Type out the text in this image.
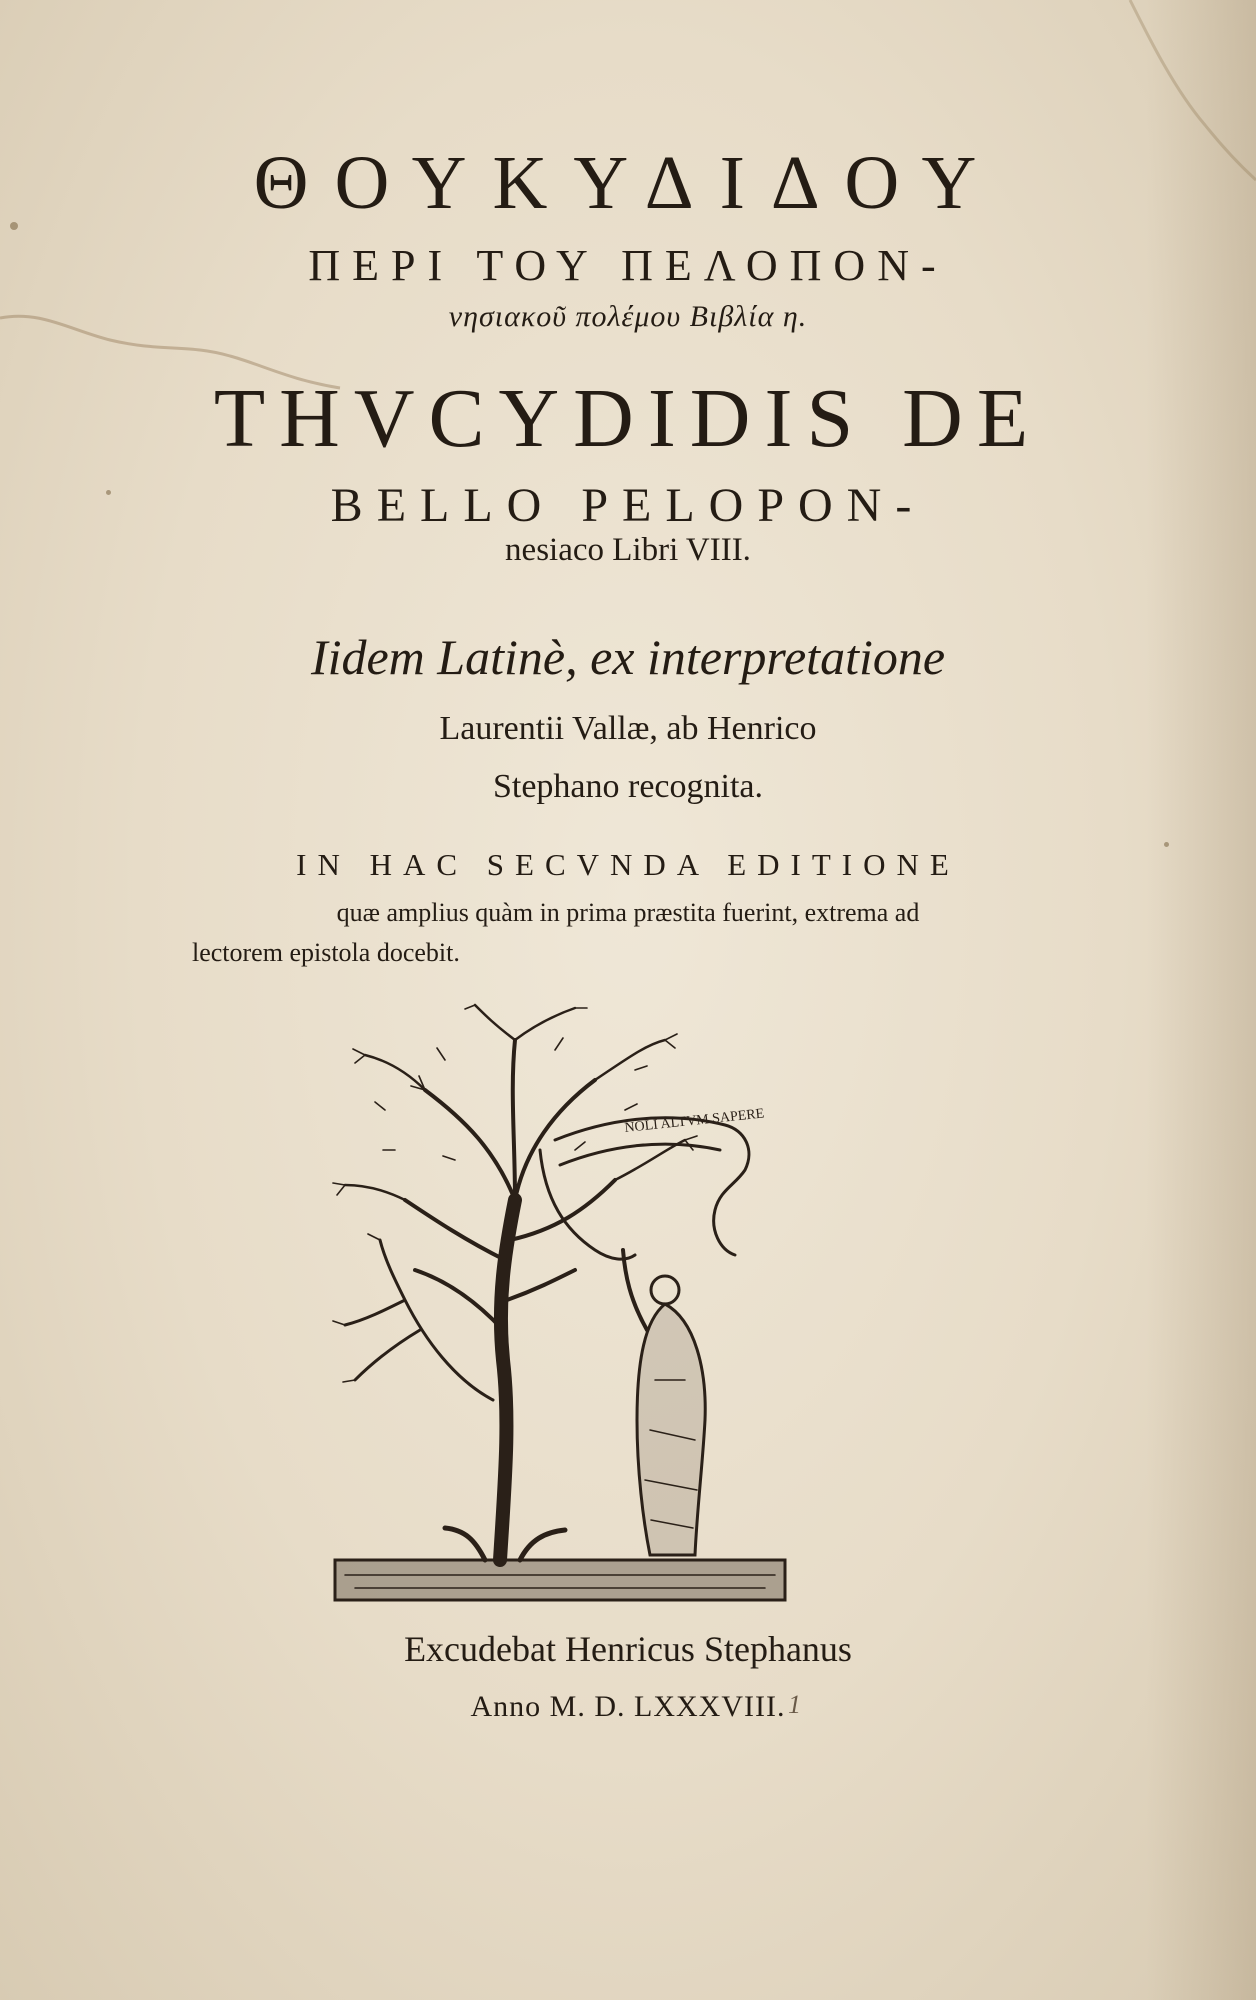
ΘΟΥΚΥΔΙΔΟΥ
ΠΕΡΙ ΤΟΥ ΠΕΛΟΠΟΝ-
νησιακοῦ πολέμου Βιβλία η.
THVCYDIDIS DE
BELLO PELOPON-
nesiaco Libri VIII.
Iidem Latinè, ex interpretatione
Laurentii Vallæ, ab Henrico
Stephano recognita.
IN HAC SECVNDA EDITIONE
quæ amplius quàm in prima præstita fuerint, extrema ad
lectorem epistola docebit.
NOLI ALTVM SAPERE
Excudebat Henricus Stephanus
Anno M. D. LXXXVIII. 1
